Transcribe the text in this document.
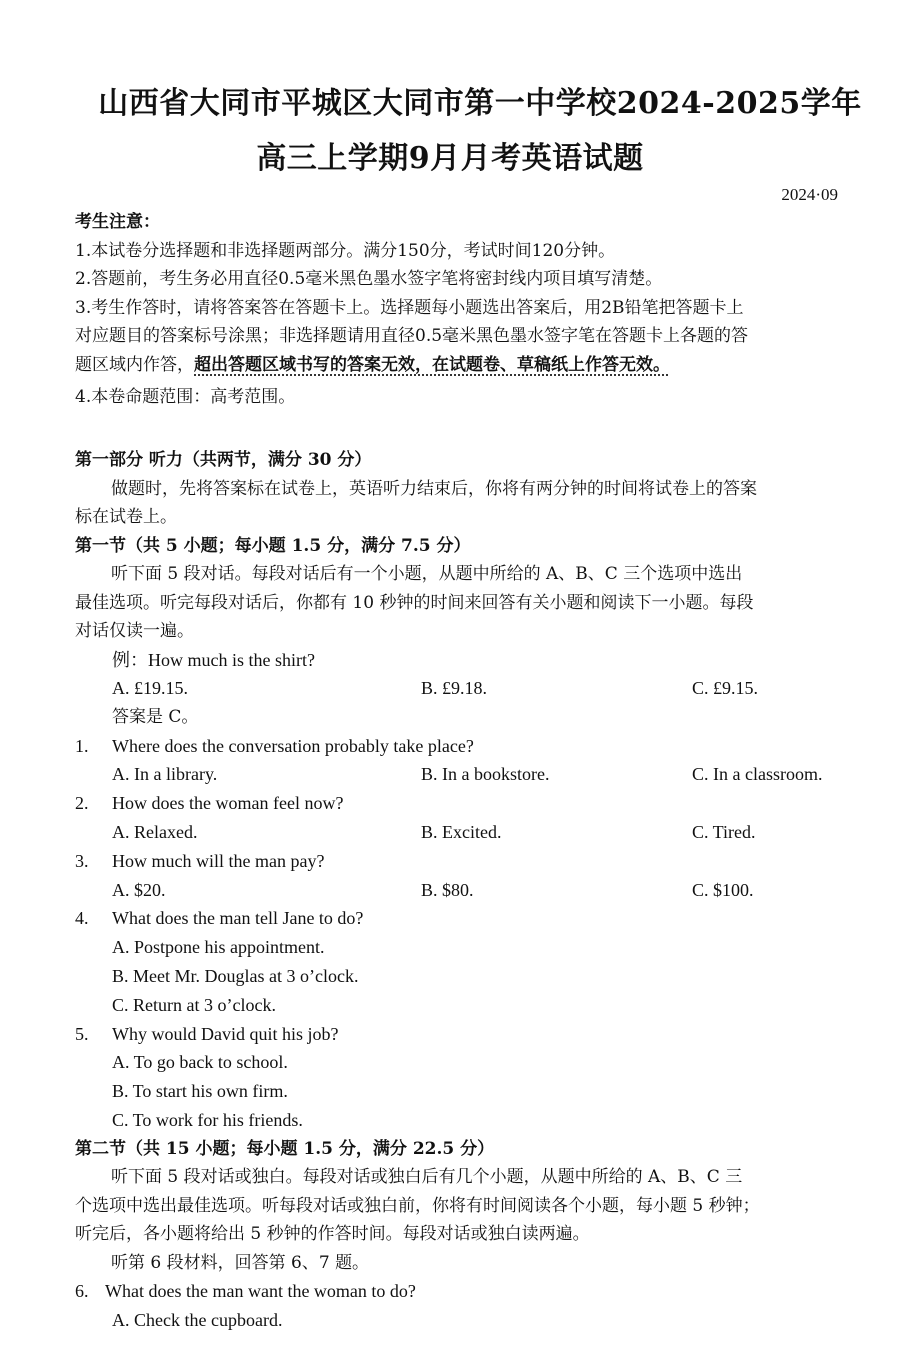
山西省大同市平城区大同市第一中学校2024-2025学年
高三上学期9月月考英语试题
2024·09
考生注意：
1.本试卷分选择题和非选择题两部分。满分150分，考试时间120分钟。
2.答题前，考生务必用直径0.5毫米黑色墨水签字笔将密封线内项目填写清楚。
3.考生作答时，请将答案答在答题卡上。选择题每小题选出答案后，用2B铅笔把答题卡上
对应题目的答案标号涂黑；非选择题请用直径0.5毫米黑色墨水签字笔在答题卡上各题的答
题区域内作答，超出答题区域书写的答案无效，在试题卷、草稿纸上作答无效。
4.本卷命题范围：高考范围。
第一部分 听力（共两节，满分 30 分）
做题时，先将答案标在试卷上，英语听力结束后，你将有两分钟的时间将试卷上的答案
标在试卷上。
第一节（共 5 小题；每小题 1.5 分，满分 7.5 分）
听下面 5 段对话。每段对话后有一个小题，从题中所给的 A、B、C 三个选项中选出
最佳选项。听完每段对话后，你都有 10 秒钟的时间来回答有关小题和阅读下一小题。每段
对话仅读一遍。
例：How much is the shirt?
A. £19.15.	B. £9.18.	C. £9.15.
答案是 C。
1. Where does the conversation probably take place?
A. In a library.	B. In a bookstore.	C. In a classroom.
2. How does the woman feel now?
A. Relaxed.	B. Excited.	C. Tired.
3. How much will the man pay?
A. $20.	B. $80.	C. $100.
4. What does the man tell Jane to do?
A. Postpone his appointment.
B. Meet Mr. Douglas at 3 o’clock.
C. Return at 3 o’clock.
5. Why would David quit his job?
A. To go back to school.
B. To start his own firm.
C. To work for his friends.
第二节（共 15 小题；每小题 1.5 分，满分 22.5 分）
听下面 5 段对话或独白。每段对话或独白后有几个小题，从题中所给的 A、B、C 三
个选项中选出最佳选项。听每段对话或独白前，你将有时间阅读各个小题，每小题 5 秒钟；
听完后，各小题将给出 5 秒钟的作答时间。每段对话或独白读两遍。
听第 6 段材料，回答第 6、7 题。
6. What does the man want the woman to do?
A. Check the cupboard.
